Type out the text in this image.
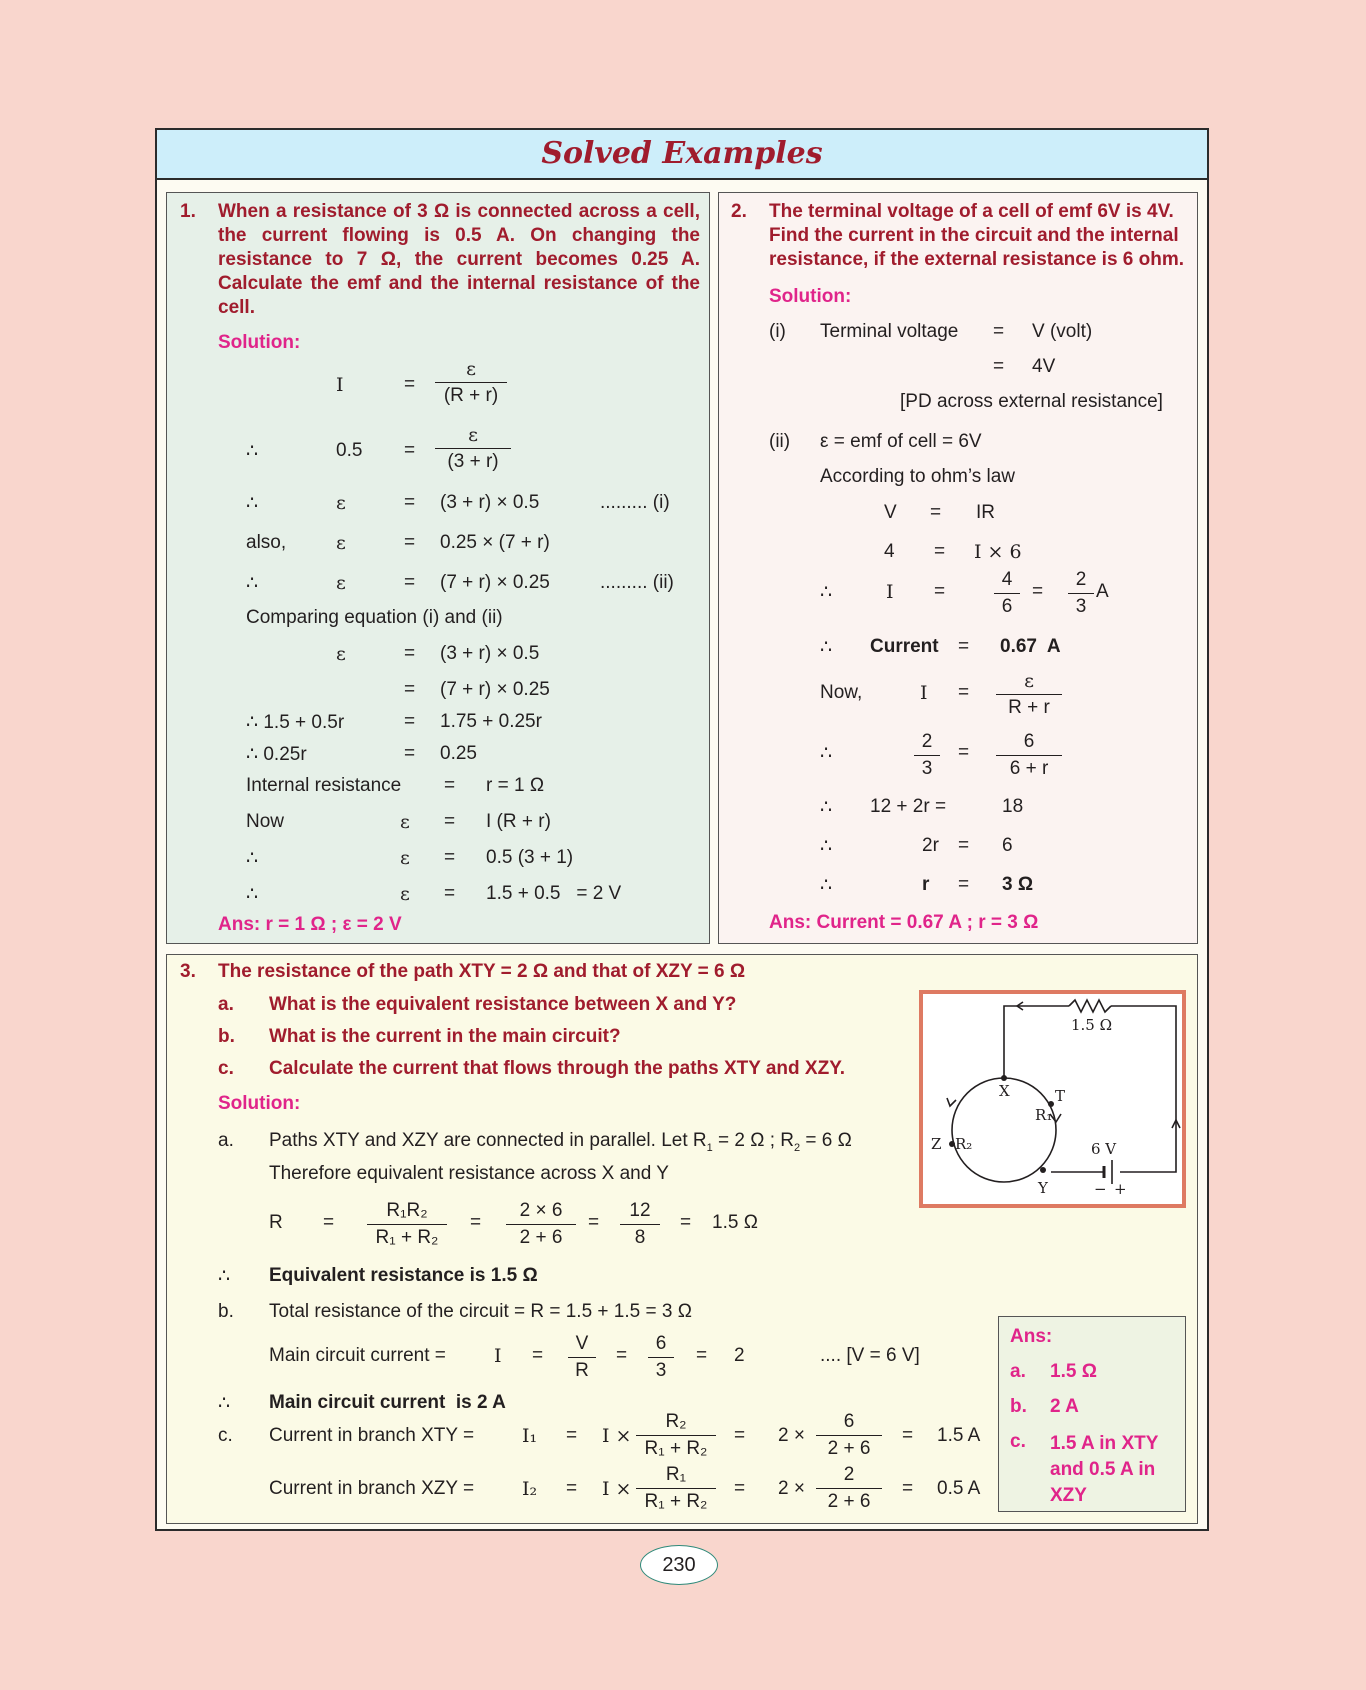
Solved Examples
1. When a resistance of 3 Ω is connected across a cell, the current flowing is 0.5 A. On changing the resistance to 7 Ω, the current becomes 0.25 A. Calculate the emf and the internal resistance of the cell.
Solution:
I	= $\frac{\varepsilon}{(R + r)}$
∴	$0.5 = \frac{\varepsilon}{(3 + r)}$
∴	ε	= (3 + r) × 0.5	......... (i)
also,	ε	= 0.25 × (7 + r)
∴	ε	= (7 + r) × 0.25	......... (ii)
Comparing equation (i) and (ii)
ε	= (3 + r) × 0.5
= (7 + r) × 0.25
∴ 1.5 + 0.5r	= 1.75 + 0.25r
∴ 0.25r	= 0.25
Internal resistance = r = 1 Ω
Now	ε = I (R + r)
∴	ε = 0.5 (3 + 1)
∴	ε = 1.5 + 0.5   = 2 V
Ans: r = 1 Ω ; ε = 2 V
2. The terminal voltage of a cell of emf 6V is 4V. Find the current in the circuit and the internal resistance, if the external resistance is 6 ohm.
Solution:
(i) Terminal voltage = V (volt)
= 4V
[PD across external resistance]
(ii) ε = emf of cell = 6V
According to ohm’s law
V = IR
4 = I × 6
∴	I =	$\frac{4}{6} = \frac{2}{3}$ A
∴ Current = 0.67  A
Now,	$I = \frac{\varepsilon}{R + r}$
∴	$\frac{2}{3} = \frac{6}{6 + r}$
∴ 12 + 2r =	18
∴	2r = 6
∴	r = 3 Ω
Ans: Current = 0.67 A ; r = 3 Ω
3. The resistance of the path XTY = 2 Ω and that of XZY = 6 Ω
a. What is the equivalent resistance between X and Y?
b. What is the current in the main circuit?
c. Calculate the current that flows through the paths XTY and XZY.
Solution:
a. Paths XTY and XZY are connected in parallel. Let $R_1 = 2$ Ω ; $R_2 = 6$ Ω
Therefore equivalent resistance across X and Y
$R = \frac{\text{R₁R₂}}{\text{R₁ + R₂}} = \frac{2 \times 6}{2 + 6} = \frac{12}{8} = 1.5$ Ω
∴ Equivalent resistance is 1.5 Ω
b. Total resistance of the circuit = R = 1.5 + 1.5 = 3 Ω
Main circuit current =	$I = \frac{V}{R} = \frac{6}{3} = 2$	.... [V = 6 V]
∴ Main circuit current  is 2 A
c. Current in branch XTY =	$I_1 = I \times \frac{\text{R₂}}{\text{R₁ + R₂}} = 2 \times \frac{6}{2 + 6} = 1.5$ A
Current in branch XZY =	$I_2 = I \times \frac{\text{R₁}}{\text{R₁ + R₂}} = 2 \times \frac{2}{2 + 6} = 0.5$ A
Ans:
a. 1.5 Ω
b. 2 A
c. 1.5 A in XTY and 0.5 A in XZY
1.5 Ω
X	T
R₁
Z R₂
Y
6 V
− +
230
